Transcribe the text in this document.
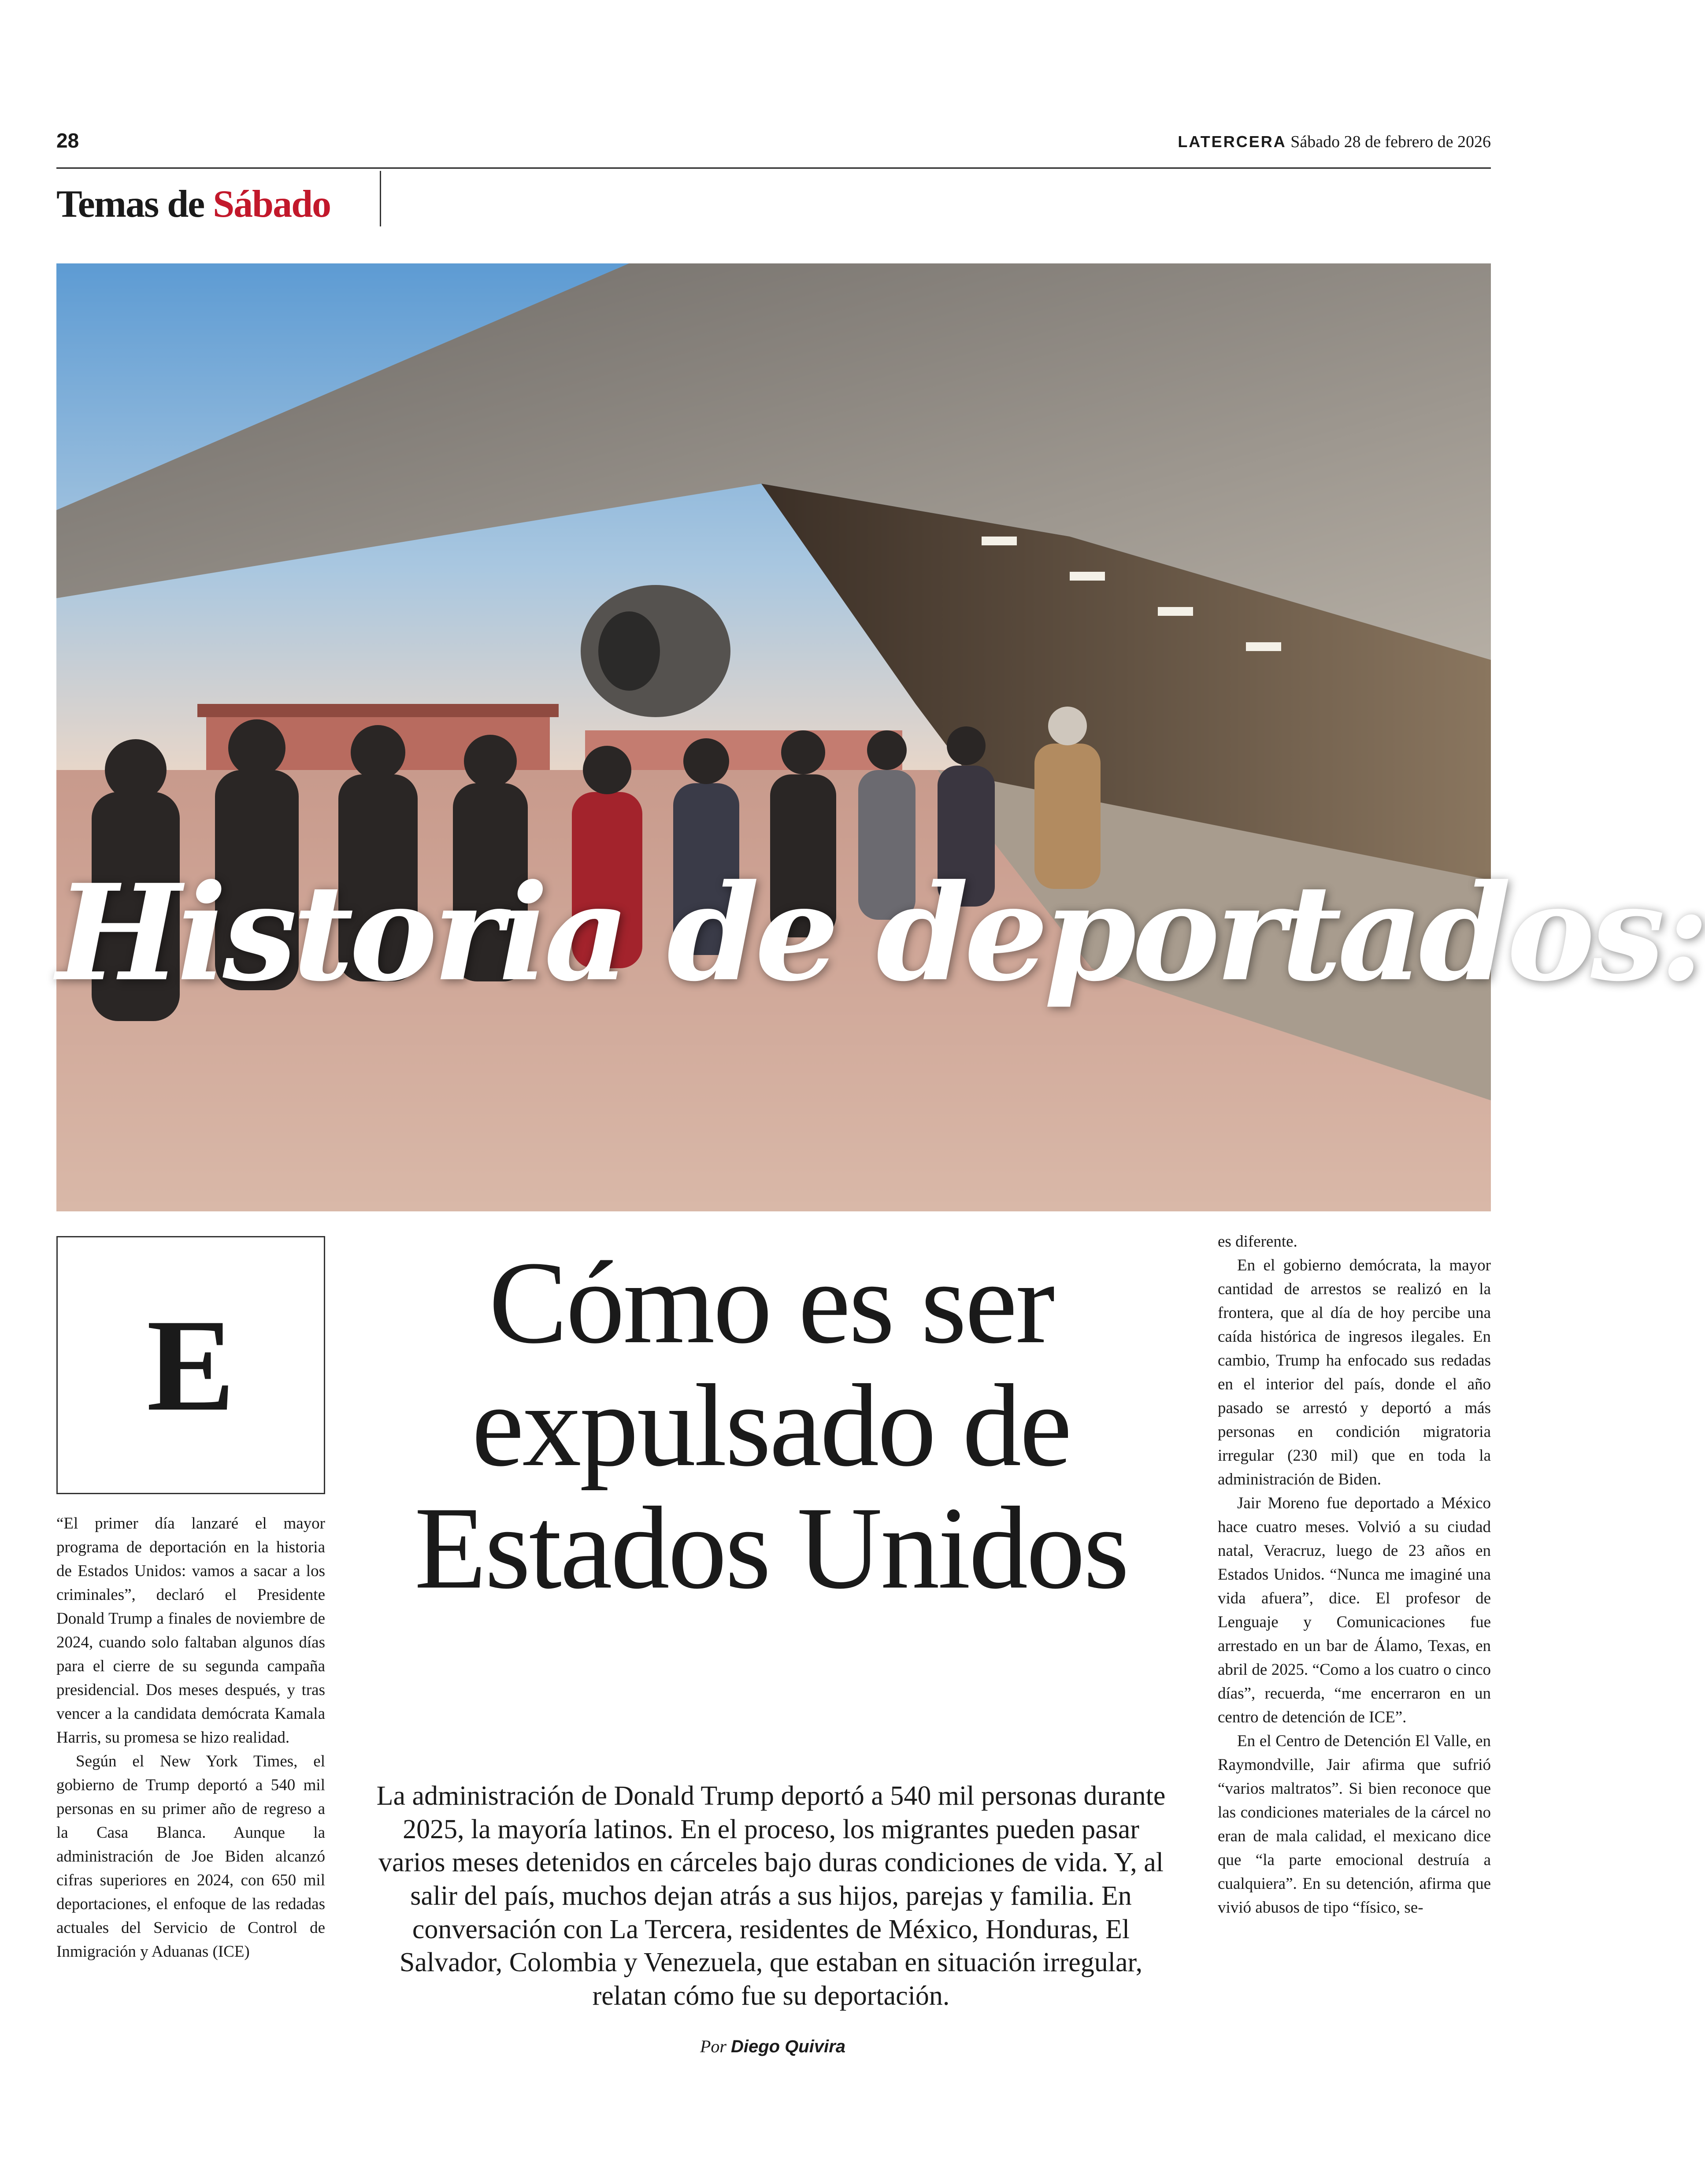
28	LATERCERA Sábado 28 de febrero de 2026
Temas de Sábado
Historia de deportados:
E

“El primer día lanzaré el mayor programa de deportación en la historia de Estados Unidos: vamos a sacar a los criminales”, declaró el Presidente Donald Trump a finales de noviembre de 2024, cuando solo faltaban algunos días para el cierre de su segunda campaña presidencial. Dos meses después, y tras vencer a la candidata demócrata Kamala Harris, su promesa se hizo realidad.

Según el New York Times, el gobierno de Trump deportó a 540 mil personas en su primer año de regreso a la Casa Blanca. Aunque la administración de Joe Biden alcanzó cifras superiores en 2024, con 650 mil deportaciones, el enfoque de las redadas actuales del Servicio de Control de Inmigración y Aduanas (ICE)

Cómo es ser
expulsado de
Estados Unidos
La administración de Donald Trump deportó a 540 mil personas durante 2025, la mayoría latinos. En el proceso, los migrantes pueden pasar varios meses detenidos en cárceles bajo duras condiciones de vida. Y, al salir del país, muchos dejan atrás a sus hijos, parejas y familia. En conversación con La Tercera, residentes de México, Honduras, El Salvador, Colombia y Venezuela, que estaban en situación irregular, relatan cómo fue su deportación.
Por Diego Quivira

es diferente.

En el gobierno demócrata, la mayor cantidad de arrestos se realizó en la frontera, que al día de hoy percibe una caída histórica de ingresos ilegales. En cambio, Trump ha enfocado sus redadas en el interior del país, donde el año pasado se arrestó y deportó a más personas en condición migratoria irregular (230 mil) que en toda la administración de Biden.

Jair Moreno fue deportado a México hace cuatro meses. Volvió a su ciudad natal, Veracruz, luego de 23 años en Estados Unidos. “Nunca me imaginé una vida afuera”, dice. El profesor de Lenguaje y Comunicaciones fue arrestado en un bar de Álamo, Texas, en abril de 2025. “Como a los cuatro o cinco días”, recuerda, “me encerraron en un centro de detención de ICE”.

En el Centro de Detención El Valle, en Raymondville, Jair afirma que sufrió “varios maltratos”. Si bien reconoce que las condiciones materiales de la cárcel no eran de mala calidad, el mexicano dice que “la parte emocional destruía a cualquiera”. En su detención, afirma que vivió abusos de tipo “físico, se-
